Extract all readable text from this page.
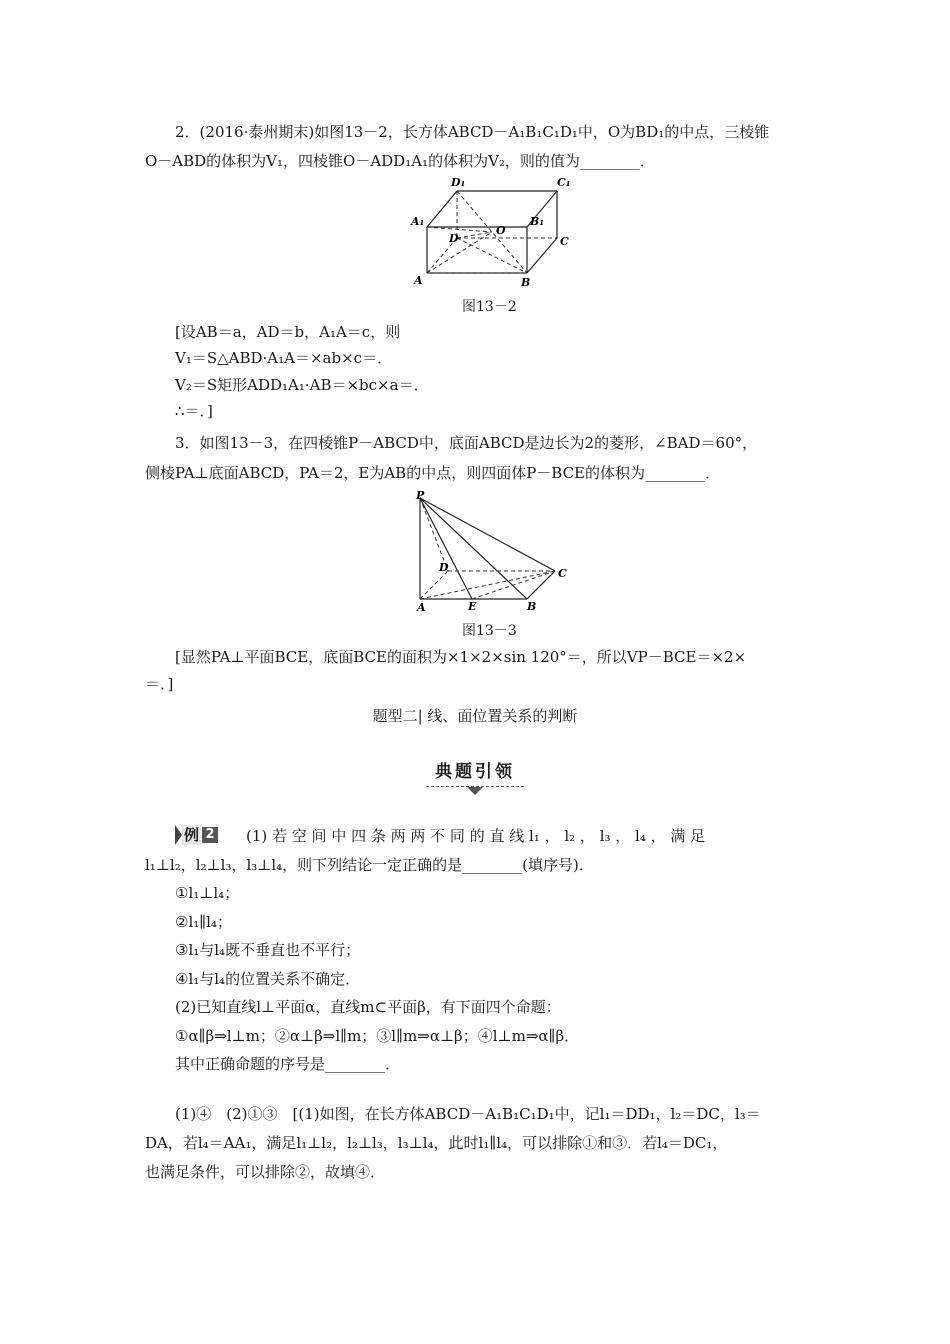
2．(2016·泰州期末)如图13－2，长方体ABCD－A₁B₁C₁D₁中，O为BD₁的中点，三棱锥
O－ABD的体积为V₁，四棱锥O－ADD₁A₁的体积为V₂，则的值为________．
D₁	C₁
A₁	B₁
D
O
C
A	B
图13－2
[设AB＝a，AD＝b，A₁A＝c，则
V₁＝S△ABD·A₁A＝×ab×c＝．
V₂＝S矩形ADD₁A₁·AB＝×bc×a＝．
∴＝．]
3．如图13－3，在四棱锥P－ABCD中，底面ABCD是边长为2的菱形，∠BAD＝60°，
侧棱PA⊥底面ABCD，PA＝2，E为AB的中点，则四面体P－BCE的体积为________．
P
D	C
A	E	B
图13－3
[显然PA⊥平面BCE，底面BCE的面积为×1×2×sin 120°＝，所以VP－BCE＝×2×
＝．]
题型二| 线、面位置关系的判断
典题引领
例 2 (1) 若 空 间 中 四 条 两 两 不 同 的 直 线 l₁ ， l₂ ， l₃ ， l₄ ， 满 足
l₁⊥l₂，l₂⊥l₃，l₃⊥l₄，则下列结论一定正确的是________(填序号)．
①l₁⊥l₄；
②l₁∥l₄；
③l₁与l₄既不垂直也不平行；
④l₁与l₄的位置关系不确定．
(2)已知直线l⊥平面α，直线m⊂平面β，有下面四个命题：
①α∥β⇒l⊥m；②α⊥β⇒l∥m；③l∥m⇒α⊥β；④l⊥m⇒α∥β．
其中正确命题的序号是________．
(1)④　(2)①③　[(1)如图，在长方体ABCD－A₁B₁C₁D₁中，记l₁＝DD₁，l₂＝DC，l₃＝
DA，若l₄＝AA₁，满足l₁⊥l₂，l₂⊥l₃，l₃⊥l₄，此时l₁∥l₄，可以排除①和③．若l₄＝DC₁，
也满足条件，可以排除②，故填④．
